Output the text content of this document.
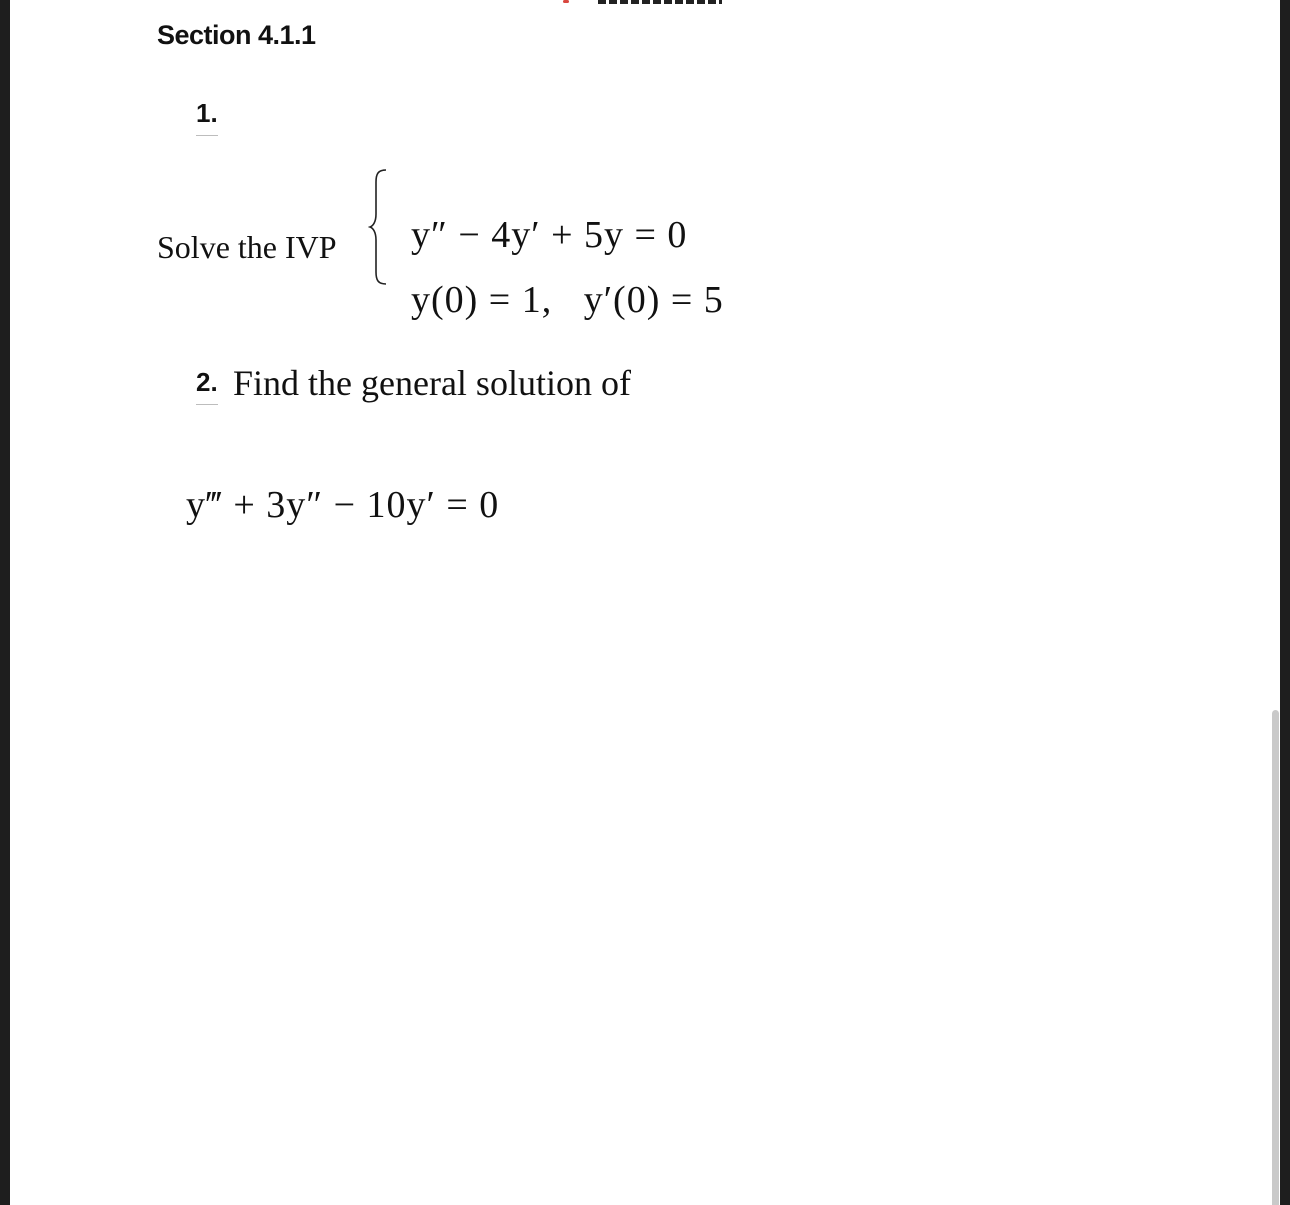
Section 4.1.1
1.
Solve the IVP	y″ − 4y′ + 5y = 0

y(0) = 1,   y′(0) = 5

2. Find the general solution of

y‴ + 3y″ − 10y′ = 0
